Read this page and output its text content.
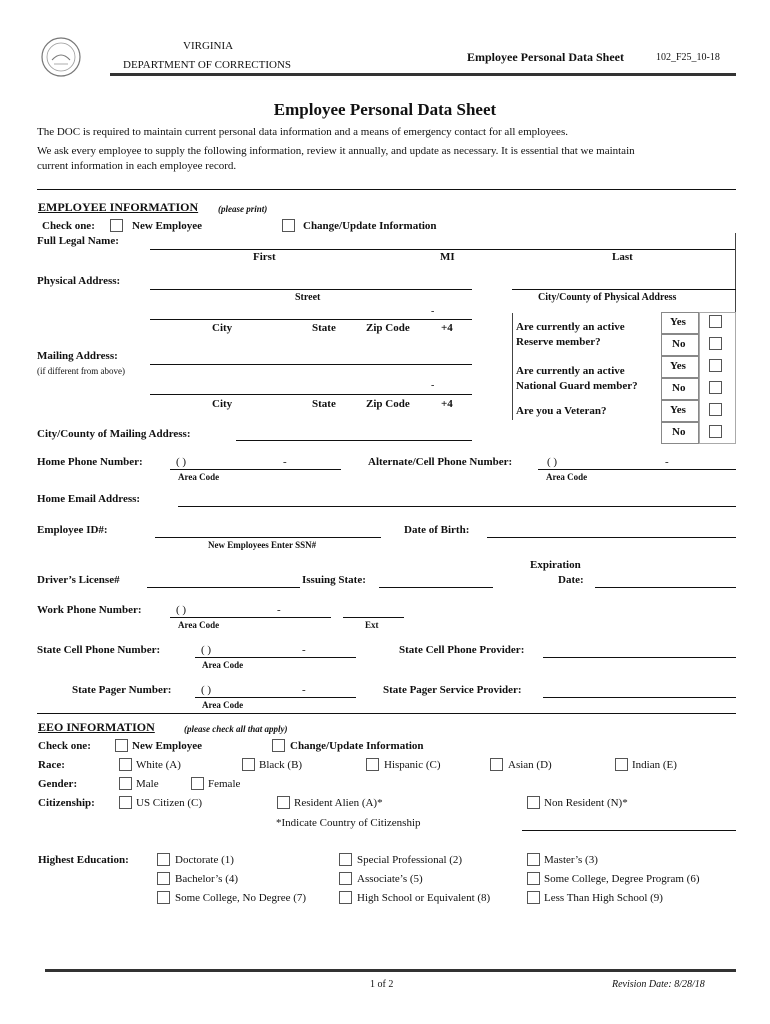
VIRGINIA
DEPARTMENT OF CORRECTIONS
Employee Personal Data Sheet	102_F25_10-18
Employee Personal Data Sheet
The DOC is required to maintain current personal data information and a means of emergency contact for all employees.
We ask every employee to supply the following information, review it annually, and update as necessary. It is essential that we maintain
current information in each employee record.
EMPLOYEE INFORMATION (please print)
Check one:	New Employee	Change/Update Information
Full Legal Name:
First	MI	Last
Physical Address:
Street	City/County of Physical Address
-
City	State	Zip Code	+4	Are currently an active Reserve member?
Yes
No
Are currently an active National Guard member?
Yes
No
Are you a Veteran?	Yes
No
Mailing Address:
(if different from above)
-
City	State	Zip Code	+4
City/County of Mailing Address:
Home Phone Number:	( )	-
Area Code
Alternate/Cell Phone Number:	( )	-
Area Code
Home Email Address:
Employee ID#:
New Employees Enter SSN#
Date of Birth:
Expiration
Date:
Driver’s License#	Issuing State:
Work Phone Number:	( )	-
Area Code	Ext
State Cell Phone Number:	( )	-
Area Code
State Cell Phone Provider:
State Pager Number:	( )	-
Area Code
State Pager Service Provider:
EEO INFORMATION	(please check all that apply)
Check one:	New Employee	Change/Update Information
Race:	White (A)	Black (B)	Hispanic (C)	Asian (D)	Indian (E)
Gender:	Male	Female
Citizenship:	US Citizen (C)	Resident Alien (A)*	Non Resident (N)*
*Indicate Country of Citizenship
Highest Education:	Doctorate (1)	Special Professional (2)	Master’s (3)
Bachelor’s (4)	Associate’s (5)	Some College, Degree Program (6)
Some College, No Degree (7)	High School or Equivalent (8)	Less Than High School (9)
1 of 2	Revision Date: 8/28/18
